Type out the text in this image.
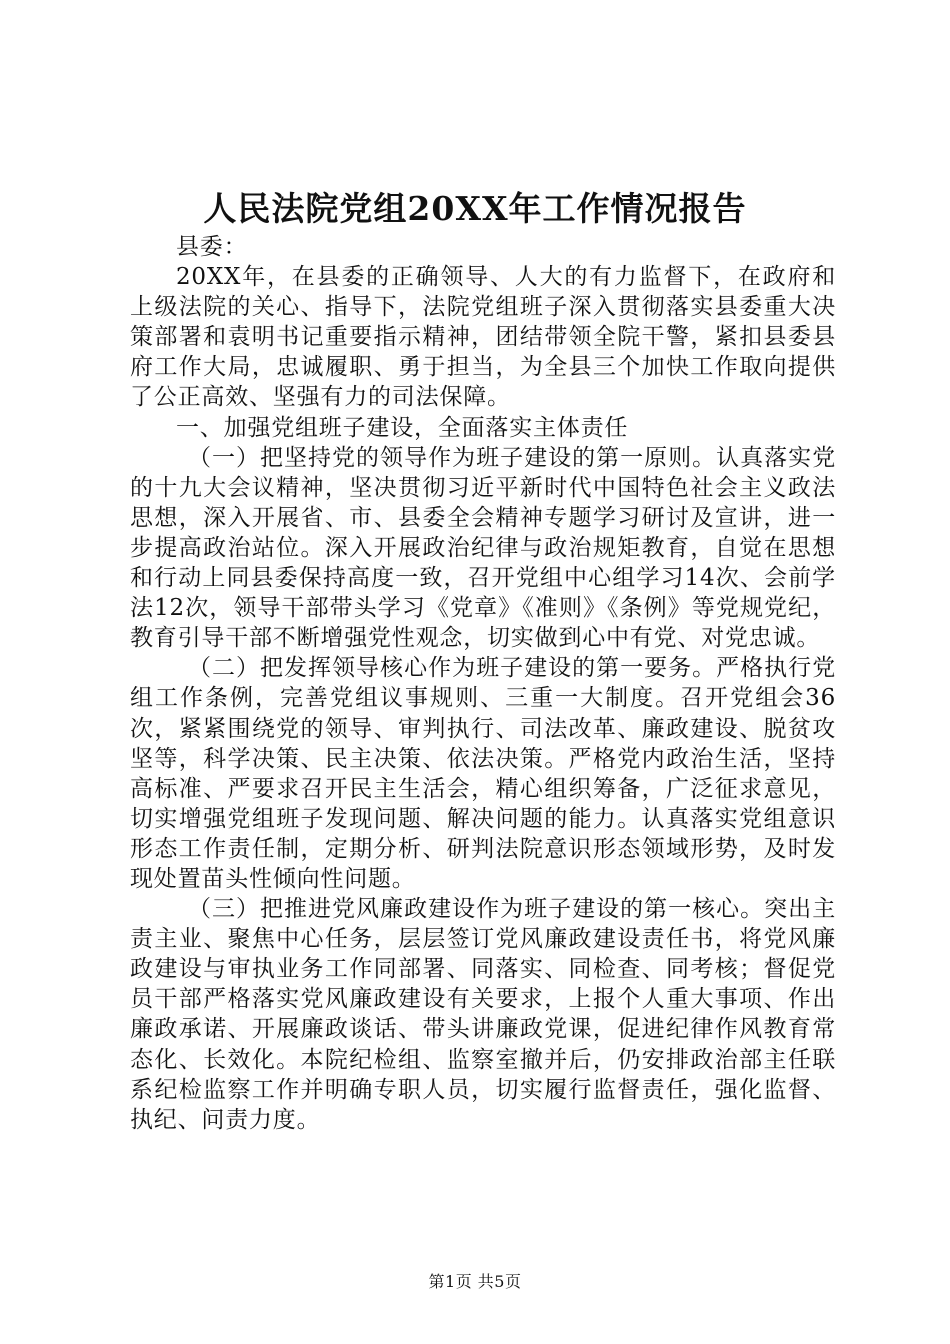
人民法院党组20XX年工作情况报告

县委：

20XX年，在县委的正确领导、人大的有力监督下，在政府和上级法院的关心、指导下，法院党组班子深入贯彻落实县委重大决策部署和袁明书记重要指示精神，团结带领全院干警，紧扣县委县府工作大局，忠诚履职、勇于担当，为全县三个加快工作取向提供了公正高效、坚强有力的司法保障。

一、加强党组班子建设，全面落实主体责任

（一）把坚持党的领导作为班子建设的第一原则。认真落实党的十九大会议精神，坚决贯彻习近平新时代中国特色社会主义政法思想，深入开展省、市、县委全会精神专题学习研讨及宣讲，进一步提高政治站位。深入开展政治纪律与政治规矩教育，自觉在思想和行动上同县委保持高度一致，召开党组中心组学习14次、会前学法12次，领导干部带头学习《党章》《准则》《条例》等党规党纪，教育引导干部不断增强党性观念，切实做到心中有党、对党忠诚。

（二）把发挥领导核心作为班子建设的第一要务。严格执行党组工作条例，完善党组议事规则、三重一大制度。召开党组会36次，紧紧围绕党的领导、审判执行、司法改革、廉政建设、脱贫攻坚等，科学决策、民主决策、依法决策。严格党内政治生活，坚持高标准、严要求召开民主生活会，精心组织筹备，广泛征求意见，切实增强党组班子发现问题、解决问题的能力。认真落实党组意识形态工作责任制，定期分析、研判法院意识形态领域形势，及时发现处置苗头性倾向性问题。

（三）把推进党风廉政建设作为班子建设的第一核心。突出主责主业、聚焦中心任务，层层签订党风廉政建设责任书，将党风廉政建设与审执业务工作同部署、同落实、同检查、同考核；督促党员干部严格落实党风廉政建设有关要求，上报个人重大事项、作出廉政承诺、开展廉政谈话、带头讲廉政党课，促进纪律作风教育常态化、长效化。本院纪检组、监察室撤并后，仍安排政治部主任联系纪检监察工作并明确专职人员，切实履行监督责任，强化监督、执纪、问责力度。

第1页 共5页
